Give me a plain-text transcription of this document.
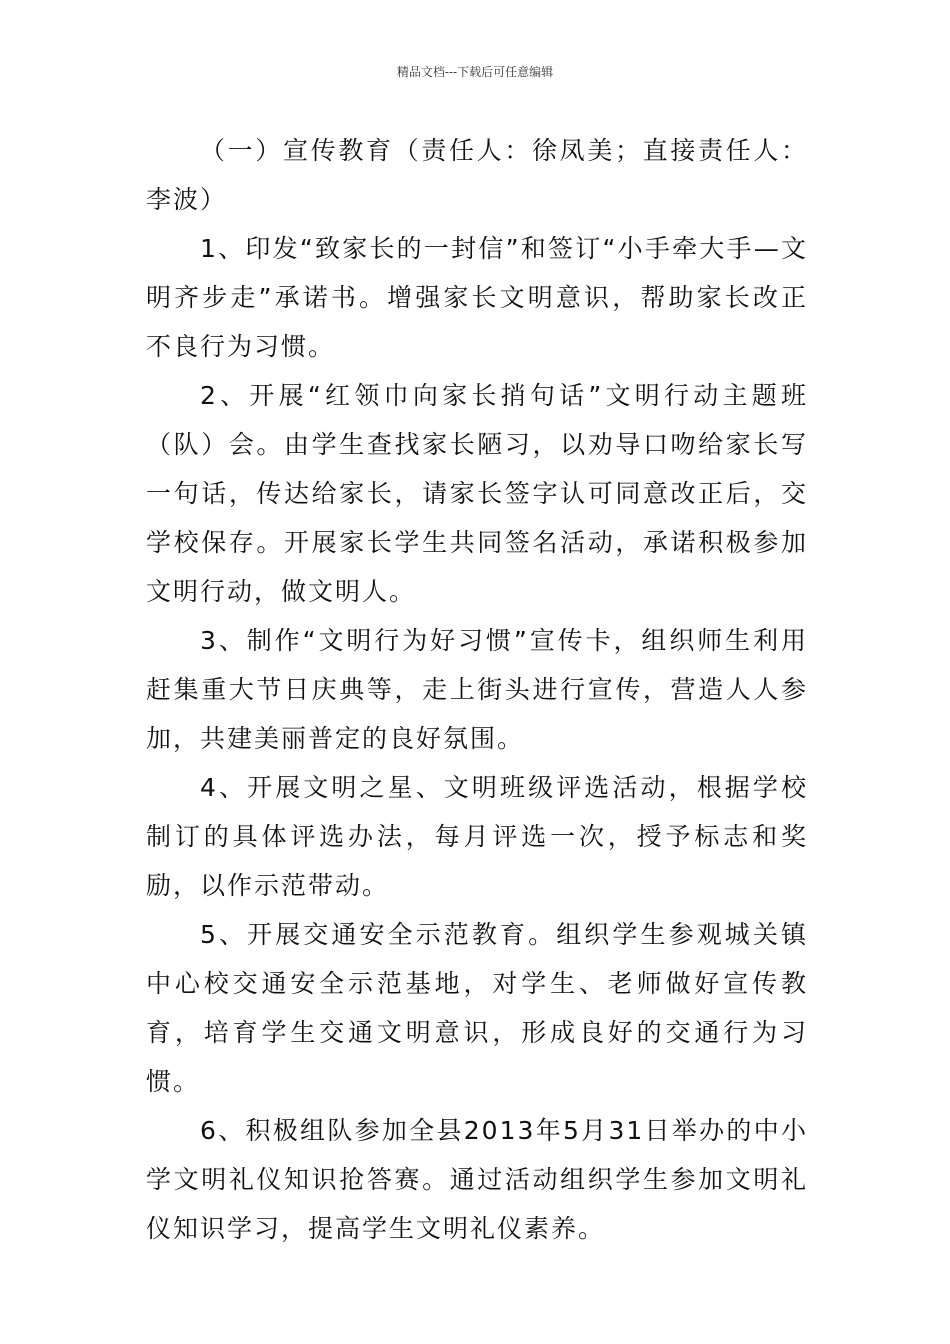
精品文档---下载后可任意编辑

（一）宣传教育（责任人：徐凤美；直接责任人：李波）

1、印发“致家长的一封信”和签订“小手牵大手—文明齐步走”承诺书。增强家长文明意识，帮助家长改正不良行为习惯。

2、开展“红领巾向家长捎句话”文明行动主题班（队）会。由学生查找家长陋习，以劝导口吻给家长写一句话，传达给家长，请家长签字认可同意改正后，交学校保存。开展家长学生共同签名活动，承诺积极参加文明行动，做文明人。

3、制作“文明行为好习惯”宣传卡，组织师生利用赶集重大节日庆典等，走上街头进行宣传，营造人人参加，共建美丽普定的良好氛围。

4、开展文明之星、文明班级评选活动，根据学校制订的具体评选办法，每月评选一次，授予标志和奖励，以作示范带动。

5、开展交通安全示范教育。组织学生参观城关镇中心校交通安全示范基地，对学生、老师做好宣传教育，培育学生交通文明意识，形成良好的交通行为习惯。

6、积极组队参加全县2013年5月31日举办的中小学文明礼仪知识抢答赛。通过活动组织学生参加文明礼仪知识学习，提高学生文明礼仪素养。
